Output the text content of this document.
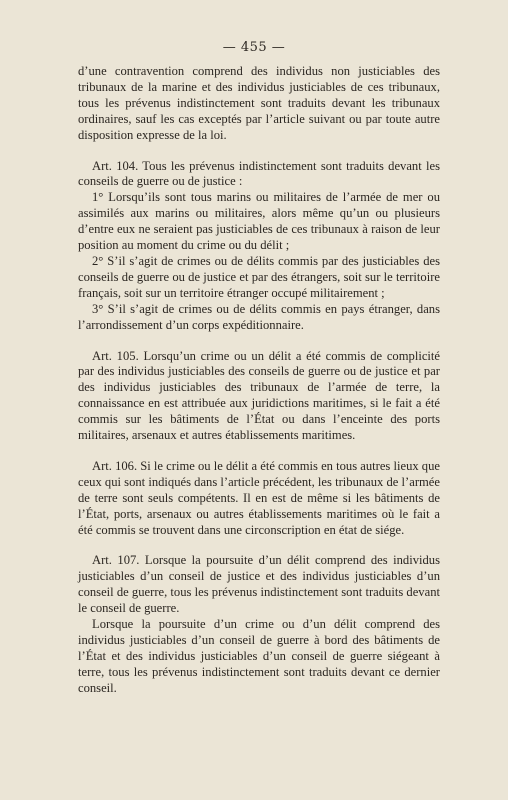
— 455 —

d’une contravention comprend des individus non justiciables des tribunaux de la marine et des individus justiciables de ces tribunaux, tous les prévenus indistinctement sont traduits devant les tribunaux ordinaires, sauf les cas exceptés par l’article suivant ou par toute autre disposition expresse de la loi.

Art. 104. Tous les prévenus indistinctement sont traduits devant les conseils de guerre ou de justice :

1° Lorsqu’ils sont tous marins ou militaires de l’armée de mer ou assimilés aux marins ou militaires, alors même qu’un ou plusieurs d’entre eux ne seraient pas justiciables de ces tribunaux à raison de leur position au moment du crime ou du délit ;

2° S’il s’agit de crimes ou de délits commis par des justiciables des conseils de guerre ou de justice et par des étrangers, soit sur le territoire français, soit sur un territoire étranger occupé militairement ;

3° S’il s’agit de crimes ou de délits commis en pays étranger, dans l’arrondissement d’un corps expéditionnaire.

Art. 105. Lorsqu’un crime ou un délit a été commis de complicité par des individus justiciables des conseils de guerre ou de justice et par des individus justiciables des tribunaux de l’armée de terre, la connaissance en est attribuée aux juridictions maritimes, si le fait a été commis sur les bâtiments de l’État ou dans l’enceinte des ports militaires, arsenaux et autres établissements maritimes.

Art. 106. Si le crime ou le délit a été commis en tous autres lieux que ceux qui sont indiqués dans l’article précédent, les tribunaux de l’armée de terre sont seuls compétents. Il en est de même si les bâtiments de l’État, ports, arsenaux ou autres établissements maritimes où le fait a été commis se trouvent dans une circonscription en état de siége.

Art. 107. Lorsque la poursuite d’un délit comprend des individus justiciables d’un conseil de justice et des individus justiciables d’un conseil de guerre, tous les prévenus indistinctement sont traduits devant le conseil de guerre.

Lorsque la poursuite d’un crime ou d’un délit comprend des individus justiciables d’un conseil de guerre à bord des bâtiments de l’État et des individus justiciables d’un conseil de guerre siégeant à terre, tous les prévenus indistinctement sont traduits devant ce dernier conseil.
